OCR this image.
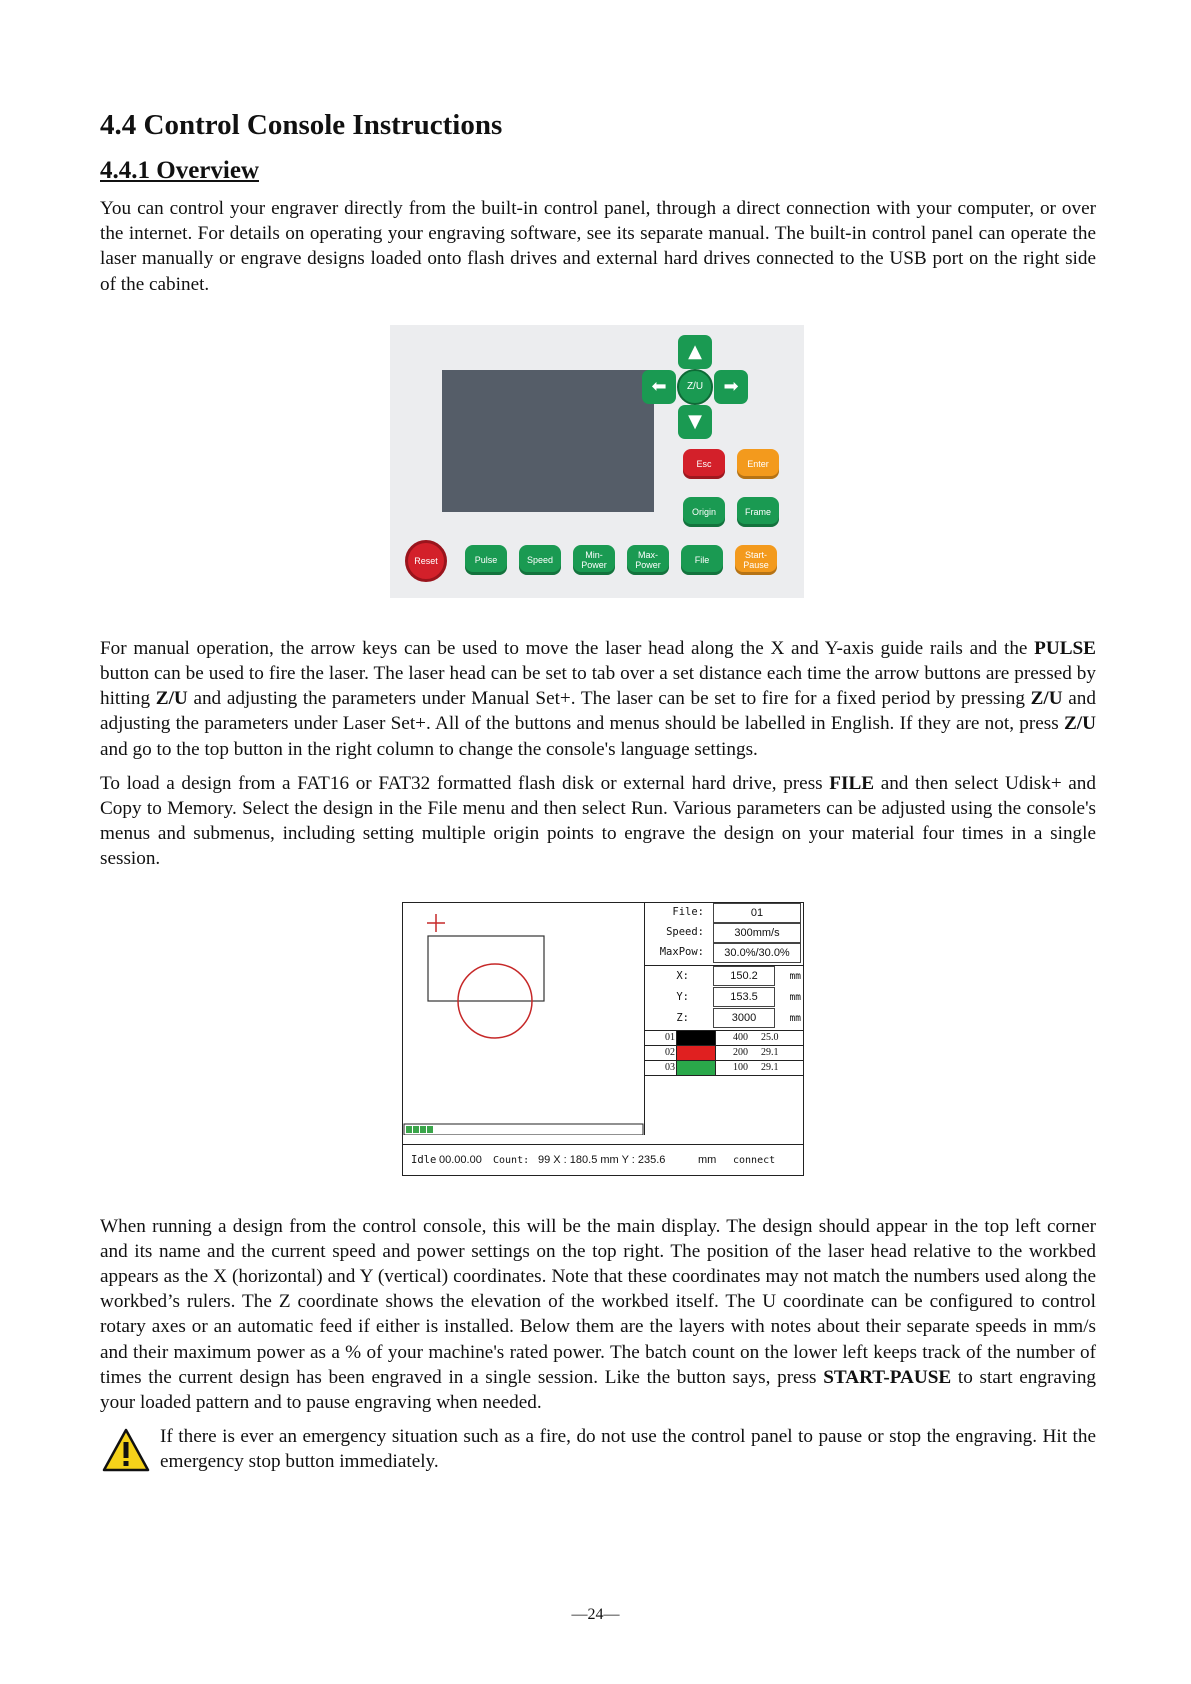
4.4 Control Console Instructions
4.4.1 Overview

You can control your engraver directly from the built-in control panel, through a direct connection with your computer, or over the internet. For details on operating your engraving software, see its separate manual. The built-in control panel can operate the laser manually or engrave designs loaded onto flash drives and external hard drives connected to the USB port on the right side of the cabinet.

▲
▼
⬅	➡
Z/U
Esc	Enter
Origin	Frame
Reset	Pulse	Speed	Min-Power
Max-Power	File	Start-Pause

For manual operation, the arrow keys can be used to move the laser head along the X and Y-axis guide rails and the PULSE button can be used to fire the laser. The laser head can be set to tab over a set distance each time the arrow buttons are pressed by hitting Z/U and adjusting the parameters under Manual Set+. The laser can be set to fire for a fixed period by pressing Z/U and adjusting the parameters under Laser Set+. All of the buttons and menus should be labelled in English. If they are not, press Z/U and go to the top button in the right column to change the console's language settings.

To load a design from a FAT16 or FAT32 formatted flash disk or external hard drive, press FILE and then select Udisk+ and Copy to Memory. Select the design in the File menu and then select Run. Various parameters can be adjusted using the console's menus and submenus, including setting multiple origin points to engrave the design on your material four times in a single session.

File:	01
Speed:	300mm/s
MaxPow:	30.0%/30.0%
X:	150.2	mm
Y:	153.5	mm
Z:	3000	mm
01	400 25.0
02	200 29.1
03	100 29.1
Idle 00.00.00 Count: 99 X : 180.5 mm Y : 235.6	mm connect

When running a design from the control console, this will be the main display. The design should appear in the top left corner and its name and the current speed and power settings on the top right. The position of the laser head relative to the workbed appears as the X (horizontal) and Y (vertical) coordinates. Note that these coordinates may not match the numbers used along the workbed’s rulers. The Z coordinate shows the elevation of the workbed itself. The U coordinate can be configured to control rotary axes or an automatic feed if either is installed. Below them are the layers with notes about their separate speeds in mm/s and their maximum power as a % of your machine's rated power. The batch count on the lower left keeps track of the number of times the current design has been engraved in a single session. Like the button says, press START-PAUSE to start engraving your loaded pattern and to pause engraving when needed.

If there is ever an emergency situation such as a fire, do not use the control panel to pause or stop the engraving. Hit the emergency stop button immediately.

—24—
